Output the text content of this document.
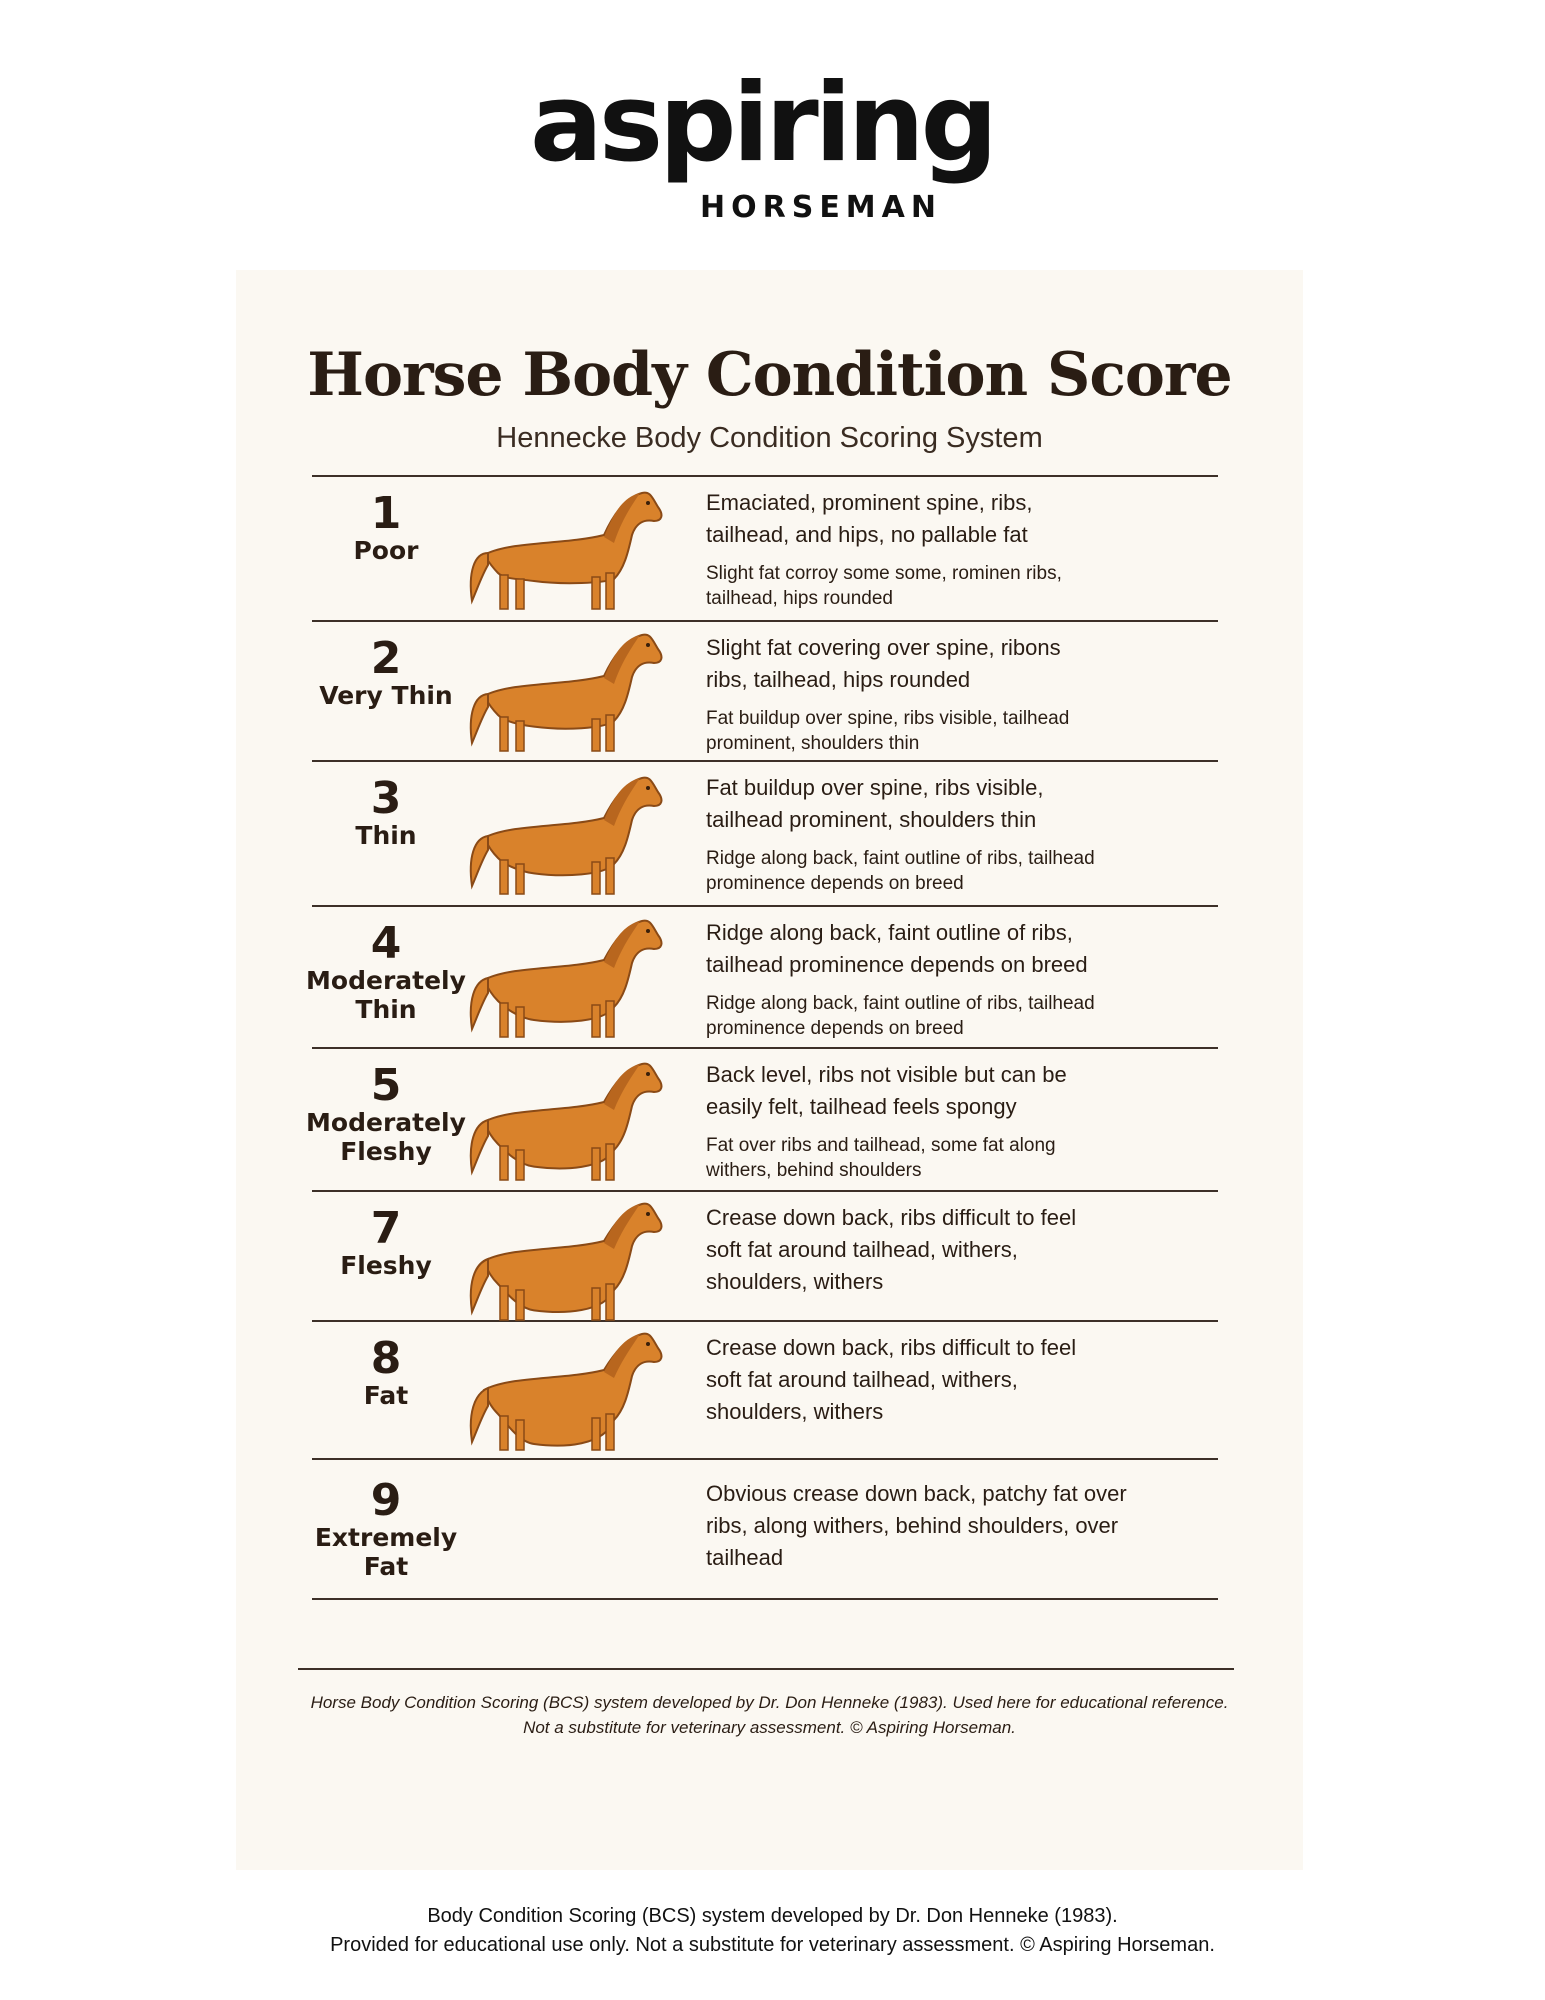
aspiring
HORSEMAN
Horse Body Condition Score
Hennecke Body Condition Scoring System
Horse Body Condition Scoring (BCS) system developed by Dr. Don Henneke (1983). Used here for educational reference.
Not a substitute for veterinary assessment. © Aspiring Horseman.
1
Poor

Emaciated, prominent spine, ribs, tailhead, and hips, no pallable fat

Slight fat corroy some some, rominen ribs, tailhead, hips rounded

2
Very Thin

Slight fat covering over spine, ribons ribs, tailhead, hips rounded

Fat buildup over spine, ribs visible, tailhead prominent, shoulders thin

3
Thin

Fat buildup over spine, ribs visible, tailhead prominent, shoulders thin

Ridge along back, faint outline of ribs, tailhead prominence depends on breed

4
Moderately Thin

Ridge along back, faint outline of ribs, tailhead prominence depends on breed

Ridge along back, faint outline of ribs, tailhead prominence depends on breed

5
Moderately Fleshy

Back level, ribs not visible but can be easily felt, tailhead feels spongy

Fat over ribs and tailhead, some fat along withers, behind shoulders

7
Fleshy

Crease down back, ribs difficult to feel soft fat around tailhead, withers, shoulders, withers

8
Fat

Crease down back, ribs difficult to feel soft fat around tailhead, withers, shoulders, withers

9
Extremely Fat

Obvious crease down back, patchy fat over ribs, along withers, behind shoulders, over tailhead

Body Condition Scoring (BCS) system developed by Dr. Don Henneke (1983).
Provided for educational use only. Not a substitute for veterinary assessment. © Aspiring Horseman.
